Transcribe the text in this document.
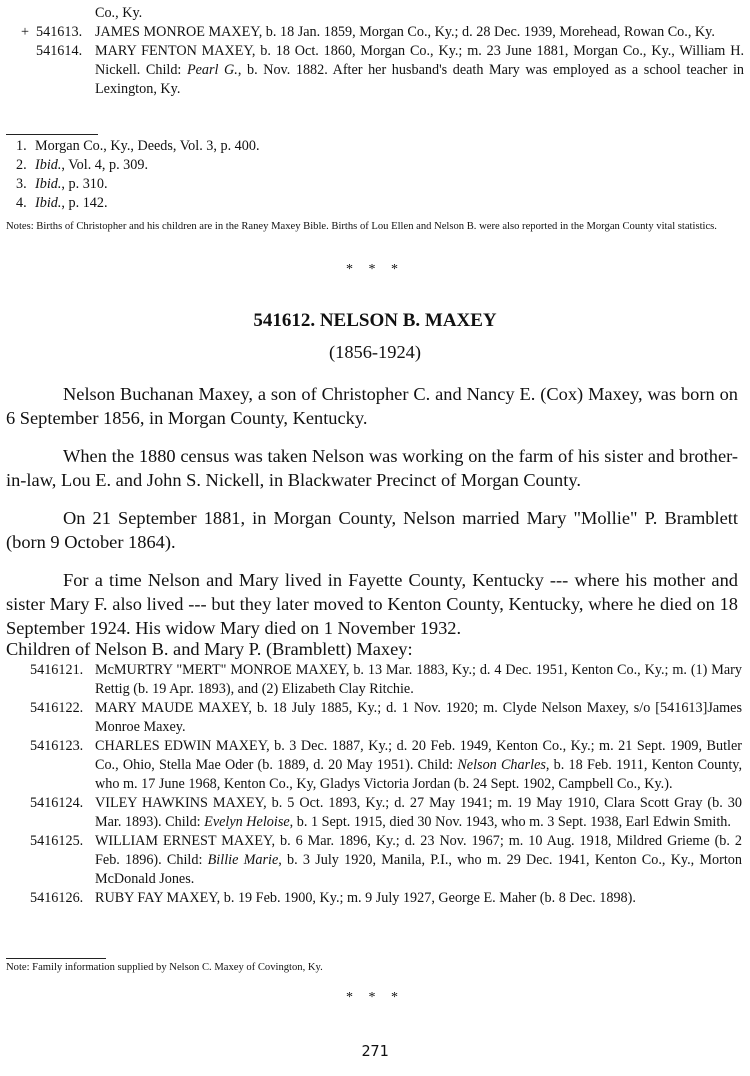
Co., Ky.
+ 541613. JAMES MONROE MAXEY, b. 18 Jan. 1859, Morgan Co., Ky.; d. 28 Dec. 1939, Morehead, Rowan Co., Ky.
541614. MARY FENTON MAXEY, b. 18 Oct. 1860, Morgan Co., Ky.; m. 23 June 1881, Morgan Co., Ky., William H. Nickell. Child: Pearl G., b. Nov. 1882. After her husband's death Mary was employed as a school teacher in Lexington, Ky.
1. Morgan Co., Ky., Deeds, Vol. 3, p. 400.
2. Ibid., Vol. 4, p. 309.
3. Ibid., p. 310.
4. Ibid., p. 142.
Notes: Births of Christopher and his children are in the Raney Maxey Bible. Births of Lou Ellen and Nelson B. were also reported in the Morgan County vital statistics.
* * *
541612. NELSON B. MAXEY
(1856-1924)

Nelson Buchanan Maxey, a son of Christopher C. and Nancy E. (Cox) Maxey, was born on 6 September 1856, in Morgan County, Kentucky.

When the 1880 census was taken Nelson was working on the farm of his sister and brother-in-law, Lou E. and John S. Nickell, in Blackwater Precinct of Morgan County.

On 21 September 1881, in Morgan County, Nelson married Mary "Mollie" P. Bramblett (born 9 October 1864).

For a time Nelson and Mary lived in Fayette County, Kentucky --- where his mother and sister Mary F. also lived --- but they later moved to Kenton County, Kentucky, where he died on 18 September 1924. His widow Mary died on 1 November 1932.

Children of Nelson B. and Mary P. (Bramblett) Maxey:
5416121. McMURTRY "MERT" MONROE MAXEY, b. 13 Mar. 1883, Ky.; d. 4 Dec. 1951, Kenton Co., Ky.; m. (1) Mary Rettig (b. 19 Apr. 1893), and (2) Elizabeth Clay Ritchie.
5416122. MARY MAUDE MAXEY, b. 18 July 1885, Ky.; d. 1 Nov. 1920; m. Clyde Nelson Maxey, s/o [541613]James Monroe Maxey.
5416123. CHARLES EDWIN MAXEY, b. 3 Dec. 1887, Ky.; d. 20 Feb. 1949, Kenton Co., Ky.; m. 21 Sept. 1909, Butler Co., Ohio, Stella Mae Oder (b. 1889, d. 20 May 1951). Child: Nelson Charles, b. 18 Feb. 1911, Kenton County, who m. 17 June 1968, Kenton Co., Ky, Gladys Victoria Jordan (b. 24 Sept. 1902, Campbell Co., Ky.).
5416124. VILEY HAWKINS MAXEY, b. 5 Oct. 1893, Ky.; d. 27 May 1941; m. 19 May 1910, Clara Scott Gray (b. 30 Mar. 1893). Child: Evelyn Heloise, b. 1 Sept. 1915, died 30 Nov. 1943, who m. 3 Sept. 1938, Earl Edwin Smith.
5416125. WILLIAM ERNEST MAXEY, b. 6 Mar. 1896, Ky.; d. 23 Nov. 1967; m. 10 Aug. 1918, Mildred Grieme (b. 2 Feb. 1896). Child: Billie Marie, b. 3 July 1920, Manila, P.I., who m. 29 Dec. 1941, Kenton Co., Ky., Morton McDonald Jones.
5416126. RUBY FAY MAXEY, b. 19 Feb. 1900, Ky.; m. 9 July 1927, George E. Maher (b. 8 Dec. 1898).
Note: Family information supplied by Nelson C. Maxey of Covington, Ky.
* * *
271
